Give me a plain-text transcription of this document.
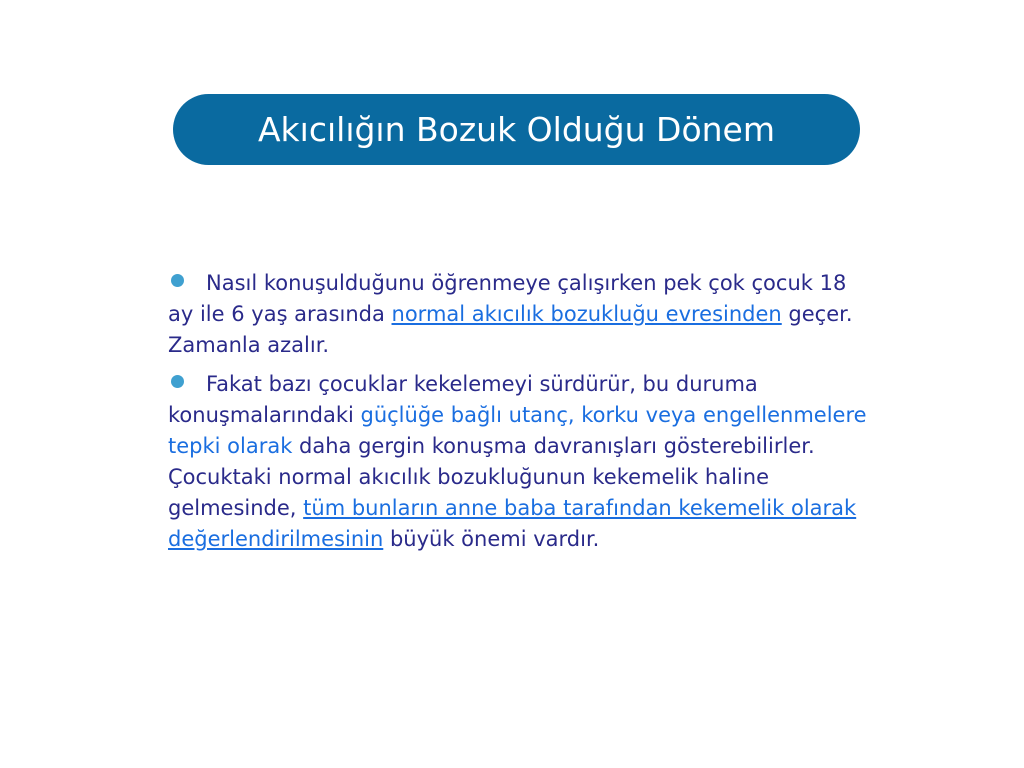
Akıcılığın Bozuk Olduğu Dönem

Nasıl konuşulduğunu öğrenmeye çalışırken pek çok çocuk 18 ay ile 6 yaş arasında normal akıcılık bozukluğu evresinden geçer. Zamanla azalır.

Fakat bazı çocuklar kekelemeyi sürdürür, bu duruma konuşmalarındaki güçlüğe bağlı utanç, korku veya engellenmelere tepki olarak daha gergin konuşma davranışları gösterebilirler. Çocuktaki normal akıcılık bozukluğunun kekemelik haline gelmesinde, tüm bunların anne baba tarafından kekemelik olarak değerlendirilmesinin büyük önemi vardır.
